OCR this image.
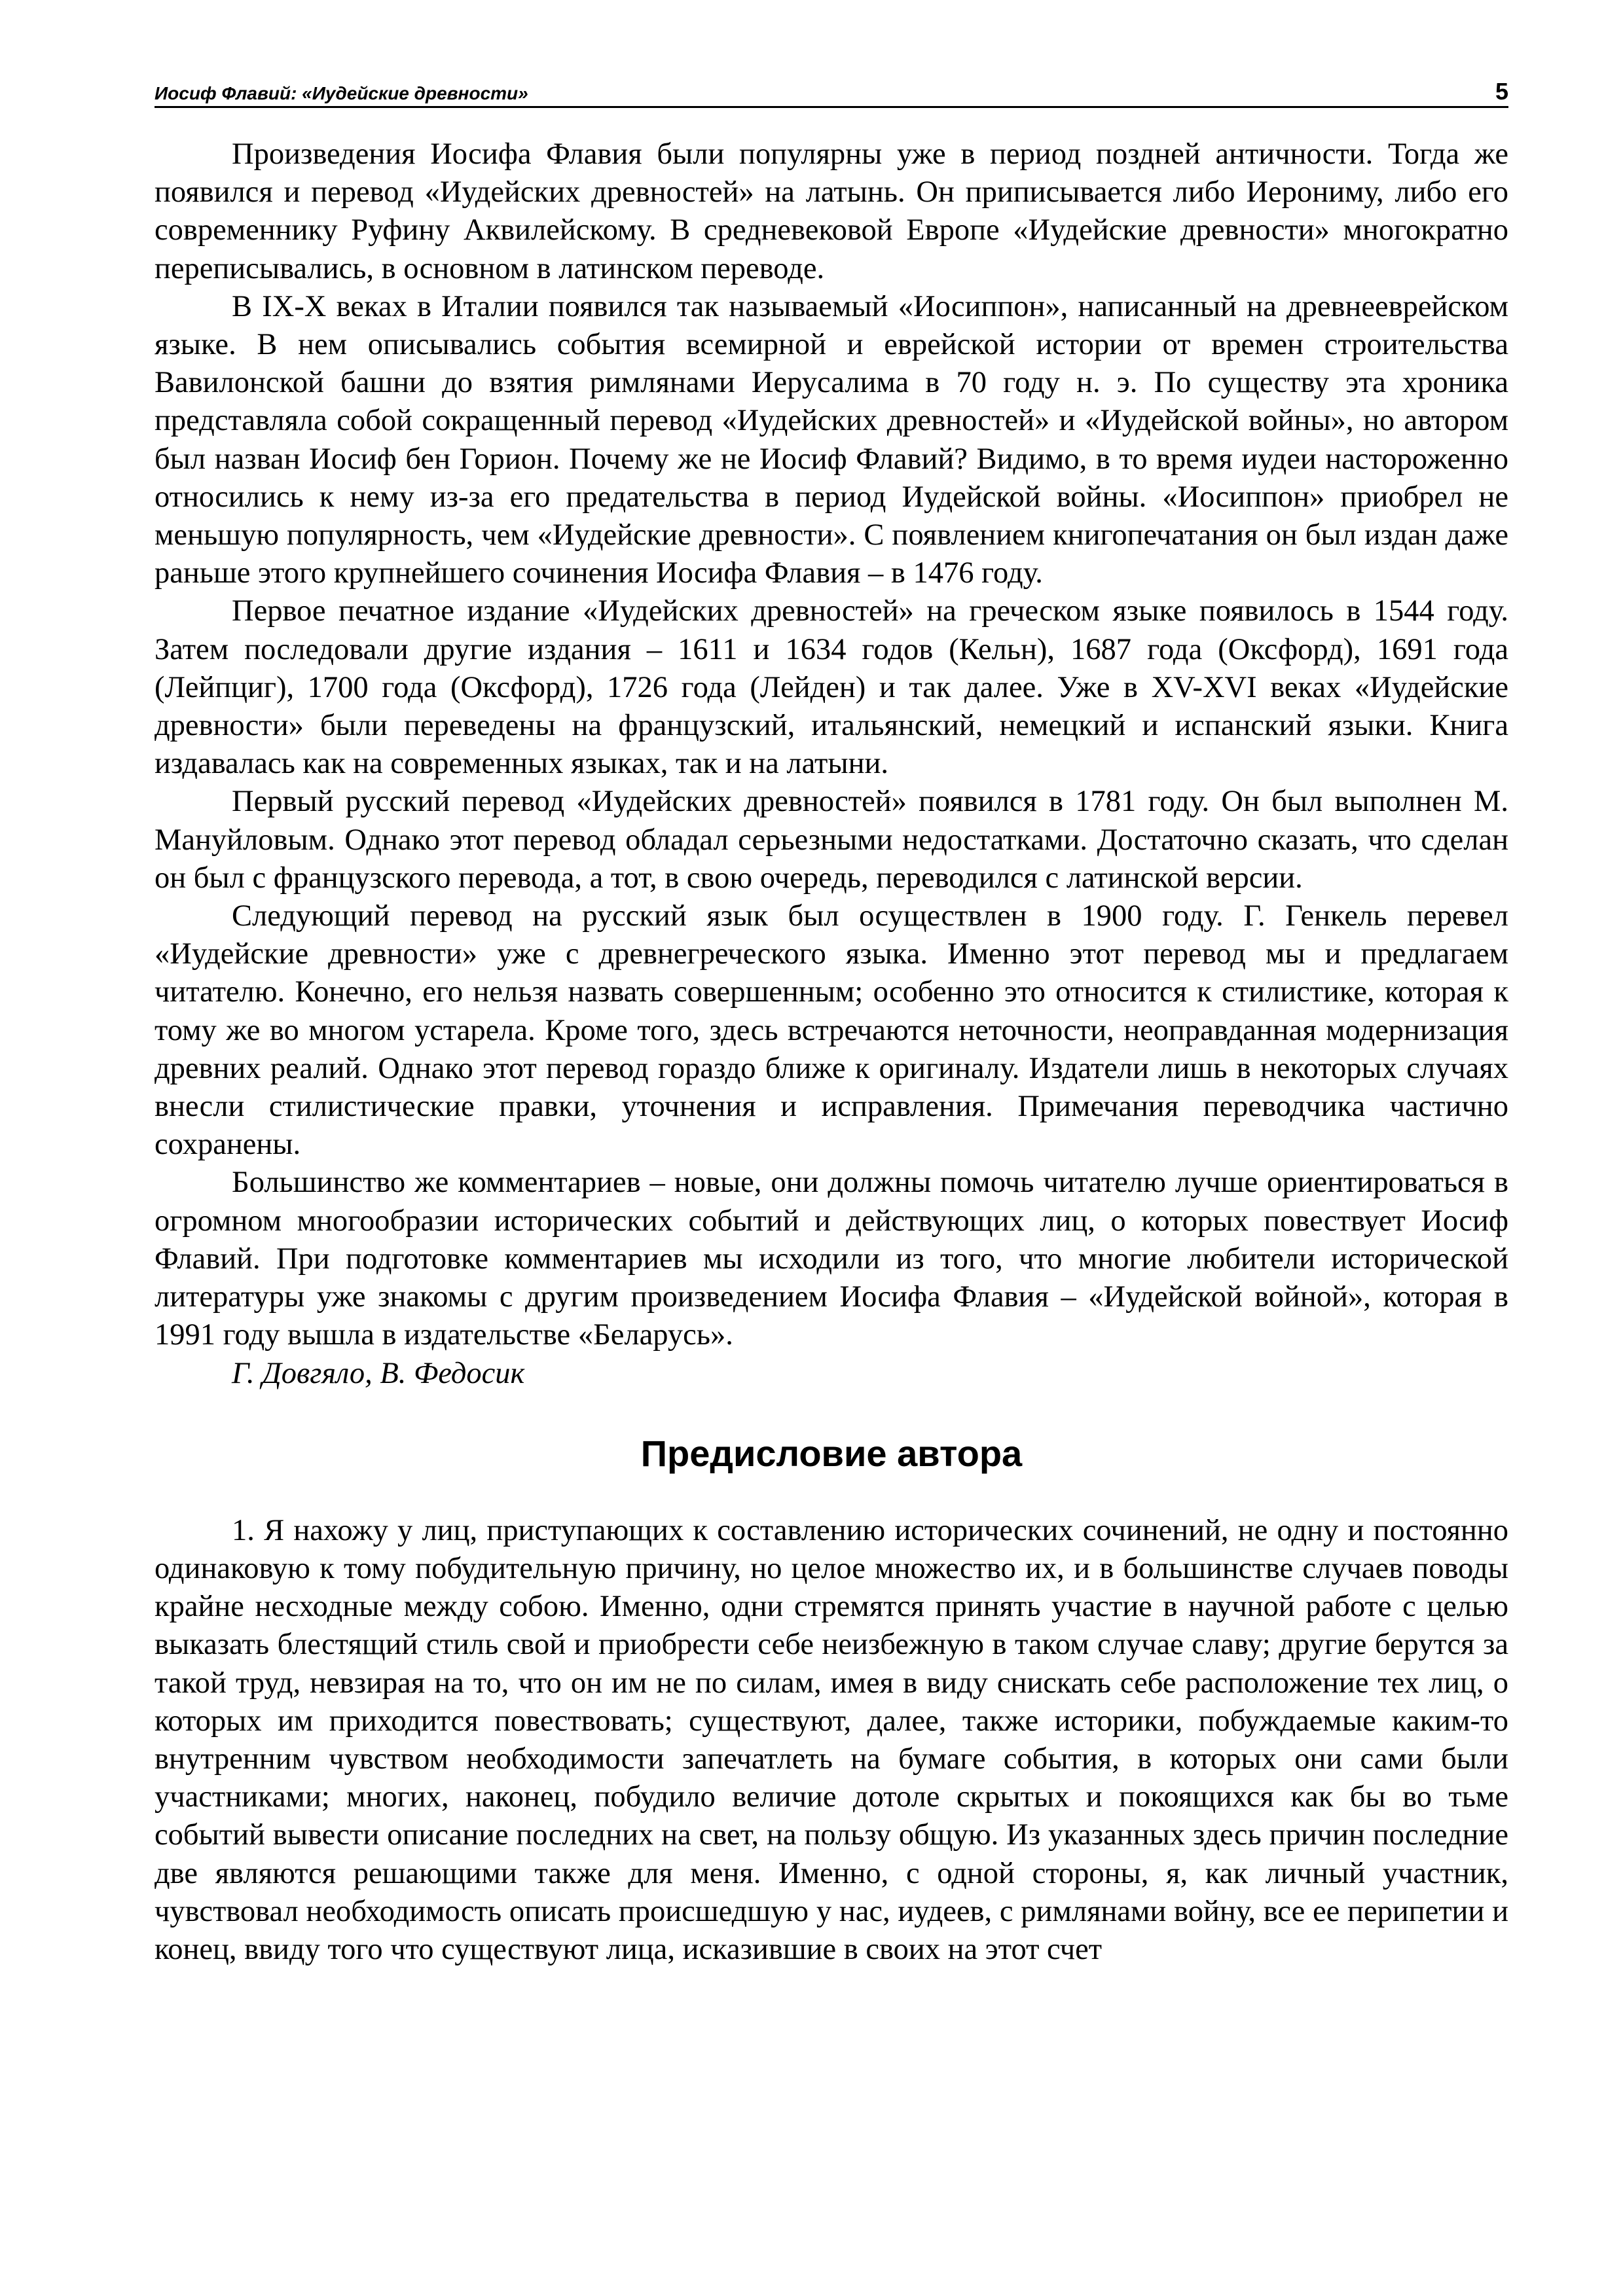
Иосиф Флавий: «Иудейские древности»	5

Произведения Иосифа Флавия были популярны уже в период поздней античности. Тогда же появился и перевод «Иудейских древностей» на латынь. Он приписывается либо Иерониму, либо его современнику Руфину Аквилейскому. В средневековой Европе «Иудейские древности» многократно переписывались, в основном в латинском переводе.

В IX-X веках в Италии появился так называемый «Иосиппон», написанный на древнееврейском языке. В нем описывались события всемирной и еврейской истории от времен строительства Вавилонской башни до взятия римлянами Иерусалима в 70 году н. э. По существу эта хроника представляла собой сокращенный перевод «Иудейских древностей» и «Иудейской войны», но автором был назван Иосиф бен Горион. Почему же не Иосиф Флавий? Видимо, в то время иудеи настороженно относились к нему из-за его предательства в период Иудейской войны. «Иосиппон» приобрел не меньшую популярность, чем «Иудейские древности». С появлением книгопечатания он был издан даже раньше этого крупнейшего сочинения Иосифа Флавия – в 1476 году.

Первое печатное издание «Иудейских древностей» на греческом языке появилось в 1544 году. Затем последовали другие издания – 1611 и 1634 годов (Кельн), 1687 года (Оксфорд), 1691 года (Лейпциг), 1700 года (Оксфорд), 1726 года (Лейден) и так далее. Уже в XV-XVI веках «Иудейские древности» были переведены на французский, итальянский, немецкий и испанский языки. Книга издавалась как на современных языках, так и на латыни.

Первый русский перевод «Иудейских древностей» появился в 1781 году. Он был выполнен М. Мануйловым. Однако этот перевод обладал серьезными недостатками. Достаточно сказать, что сделан он был с французского перевода, а тот, в свою очередь, переводился с латинской версии.

Следующий перевод на русский язык был осуществлен в 1900 году. Г. Генкель перевел «Иудейские древности» уже с древнегреческого языка. Именно этот перевод мы и предлагаем читателю. Конечно, его нельзя назвать совершенным; особенно это относится к стилистике, которая к тому же во многом устарела. Кроме того, здесь встречаются неточности, неоправданная модернизация древних реалий. Однако этот перевод гораздо ближе к оригиналу. Издатели лишь в некоторых случаях внесли стилистические правки, уточнения и исправления. Примечания переводчика частично сохранены.

Большинство же комментариев – новые, они должны помочь читателю лучше ориентироваться в огромном многообразии исторических событий и действующих лиц, о которых повествует Иосиф Флавий. При подготовке комментариев мы исходили из того, что многие любители исторической литературы уже знакомы с другим произведением Иосифа Флавия – «Иудейской войной», которая в 1991 году вышла в издательстве «Беларусь».

Г. Довгяло, В. Федосик
Предисловие автора

1. Я нахожу у лиц, приступающих к составлению исторических сочинений, не одну и постоянно одинаковую к тому побудительную причину, но целое множество их, и в большинстве случаев поводы крайне несходные между собою. Именно, одни стремятся принять участие в научной работе с целью выказать блестящий стиль свой и приобрести себе неизбежную в таком случае славу; другие берутся за такой труд, невзирая на то, что он им не по силам, имея в виду снискать себе расположение тех лиц, о которых им приходится повествовать; существуют, далее, также историки, побуждаемые каким-то внутренним чувством необходимости запечатлеть на бумаге события, в которых они сами были участниками; многих, наконец, побудило величие дотоле скрытых и покоящихся как бы во тьме событий вывести описание последних на свет, на пользу общую. Из указанных здесь причин последние две являются решающими также для меня. Именно, с одной стороны, я, как личный участник, чувствовал необходимость описать происшедшую у нас, иудеев, с римлянами войну, все ее перипетии и конец, ввиду того что существуют лица, исказившие в своих на этот счет
